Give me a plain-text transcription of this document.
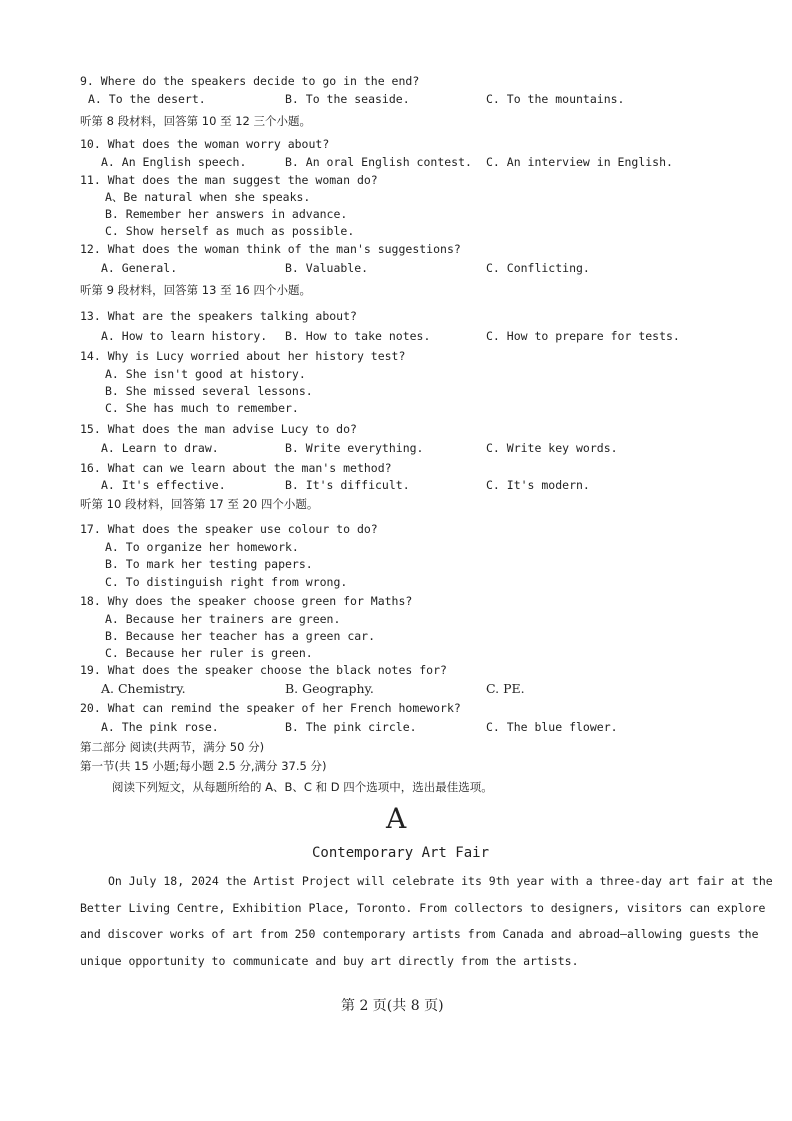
9. Where do the speakers decide to go in the end?
A. To the desert.	B. To the seaside.	C. To the mountains.
听第 8 段材料，回答第 10 至 12 三个小题。
10. What does the woman worry about?
A. An English speech.	B. An oral English contest. C. An interview in English.
11. What does the man suggest the woman do?
A、Be natural when she speaks.
B. Remember her answers in advance.
C. Show herself as much as possible.
12. What does the woman think of the man's suggestions?
A. General.	B. Valuable.	C. Conflicting.
听第 9 段材料，回答第 13 至 16 四个小题。
13. What are the speakers talking about?
A. How to learn history. B. How to take notes.	C. How to prepare for tests.
14. Why is Lucy worried about her history test?
A. She isn't good at history.
B. She missed several lessons.
C. She has much to remember.
15. What does the man advise Lucy to do?
A. Learn to draw.	B. Write everything.	C. Write key words.
16. What can we learn about the man's method?
A. It's effective.	B. It's difficult.	C. It's modern.
听第 10 段材料，回答第 17 至 20 四个小题。
17. What does the speaker use colour to do?
A. To organize her homework.
B. To mark her testing papers.
C. To distinguish right from wrong.
18. Why does the speaker choose green for Maths?
A. Because her trainers are green.
B. Because her teacher has a green car.
C. Because her ruler is green.
19. What does the speaker choose the black notes for?
A. Chemistry.	B. Geography.	C. PE.
20. What can remind the speaker of her French homework?
A. The pink rose.	B. The pink circle.	C. The blue flower.
第二部分 阅读(共两节，满分 50 分)
第一节(共 15 小题;每小题 2.5 分,满分 37.5 分)
阅读下列短文，从每题所给的 A、B、C 和 D 四个选项中，选出最佳选项。
A
Contemporary Art Fair
On July 18, 2024 the Artist Project will celebrate its 9th year with a three-day art fair at the
Better Living Centre, Exhibition Place, Toronto. From collectors to designers, visitors can explore
and discover works of art from 250 contemporary artists from Canada and abroad—allowing guests the
unique opportunity to communicate and buy art directly from the artists.
第 2 页(共 8 页)
